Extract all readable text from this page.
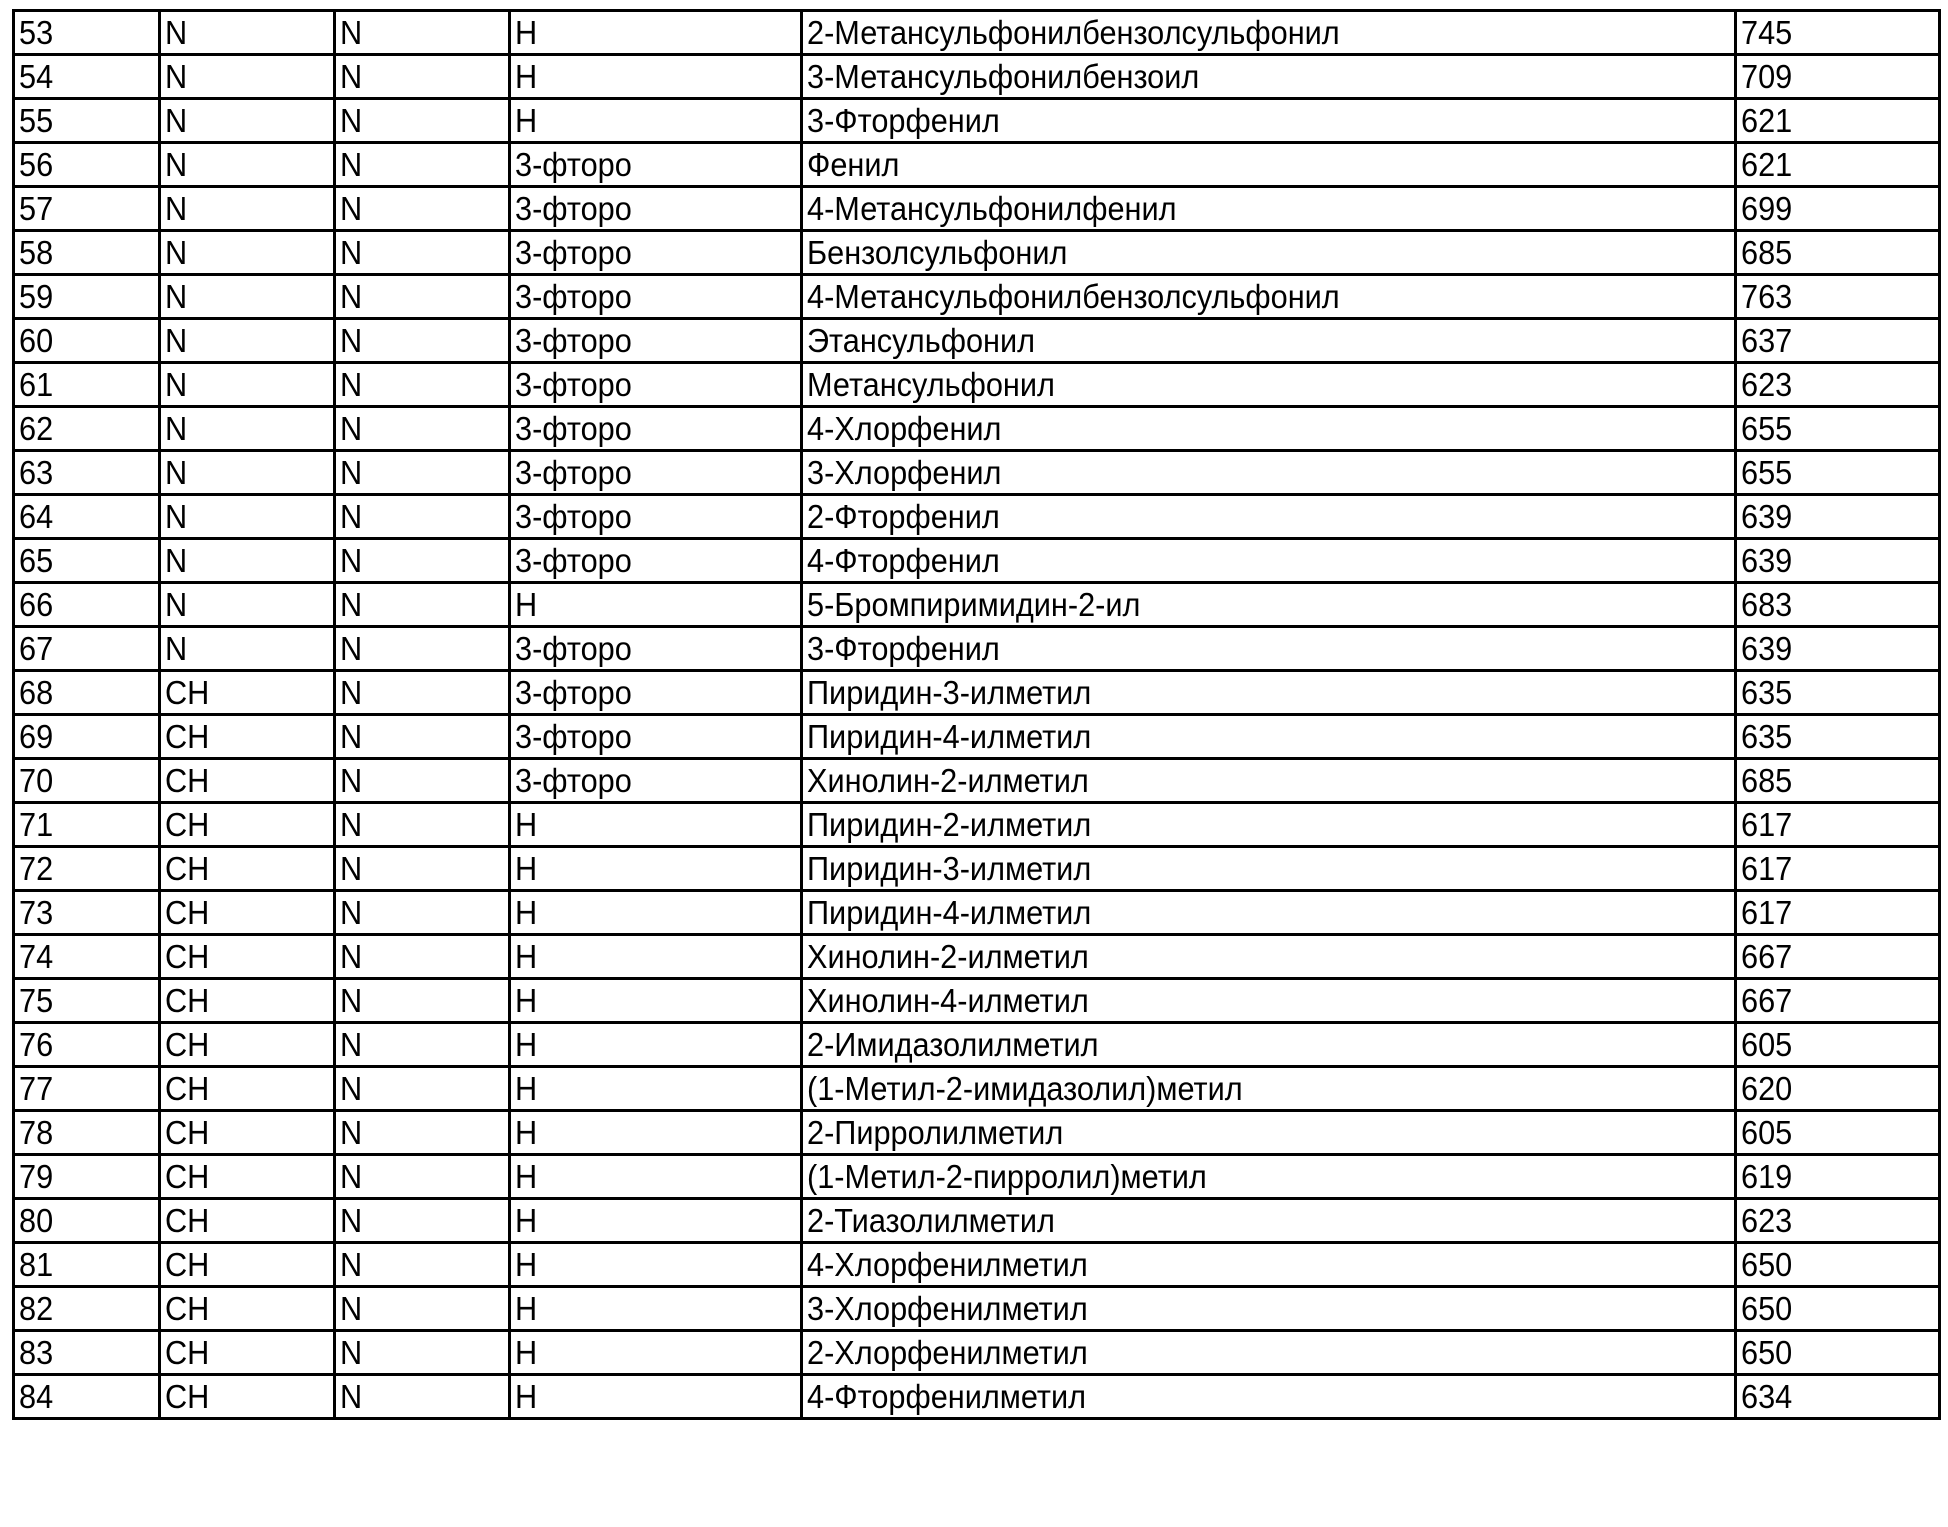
53	N	N	H	2-Метансульфонилбензолсульфонил	745
54	N	N	H	3-Метансульфонилбензоил	709
55	N	N	H	3-Фторфенил	621
56	N	N	3-фторо	Фенил	621
57	N	N	3-фторо	4-Метансульфонилфенил	699
58	N	N	3-фторо	Бензолсульфонил	685
59	N	N	3-фторо	4-Метансульфонилбензолсульфонил	763
60	N	N	3-фторо	Этансульфонил	637
61	N	N	3-фторо	Метансульфонил	623
62	N	N	3-фторо	4-Хлорфенил	655
63	N	N	3-фторо	3-Хлорфенил	655
64	N	N	3-фторо	2-Фторфенил	639
65	N	N	3-фторо	4-Фторфенил	639
66	N	N	H	5-Бромпиримидин-2-ил	683
67	N	N	3-фторо	3-Фторфенил	639
68	CH	N	3-фторо	Пиридин-3-илметил	635
69	CH	N	3-фторо	Пиридин-4-илметил	635
70	CH	N	3-фторо	Хинолин-2-илметил	685
71	CH	N	H	Пиридин-2-илметил	617
72	CH	N	H	Пиридин-3-илметил	617
73	CH	N	H	Пиридин-4-илметил	617
74	CH	N	H	Хинолин-2-илметил	667
75	CH	N	H	Хинолин-4-илметил	667
76	CH	N	H	2-Имидазолилметил	605
77	CH	N	H	(1-Метил-2-имидазолил)метил	620
78	CH	N	H	2-Пирролилметил	605
79	CH	N	H	(1-Метил-2-пирролил)метил	619
80	CH	N	H	2-Тиазолилметил	623
81	CH	N	H	4-Хлорфенилметил	650
82	CH	N	H	3-Хлорфенилметил	650
83	CH	N	H	2-Хлорфенилметил	650
84	CH	N	H	4-Фторфенилметил	634
